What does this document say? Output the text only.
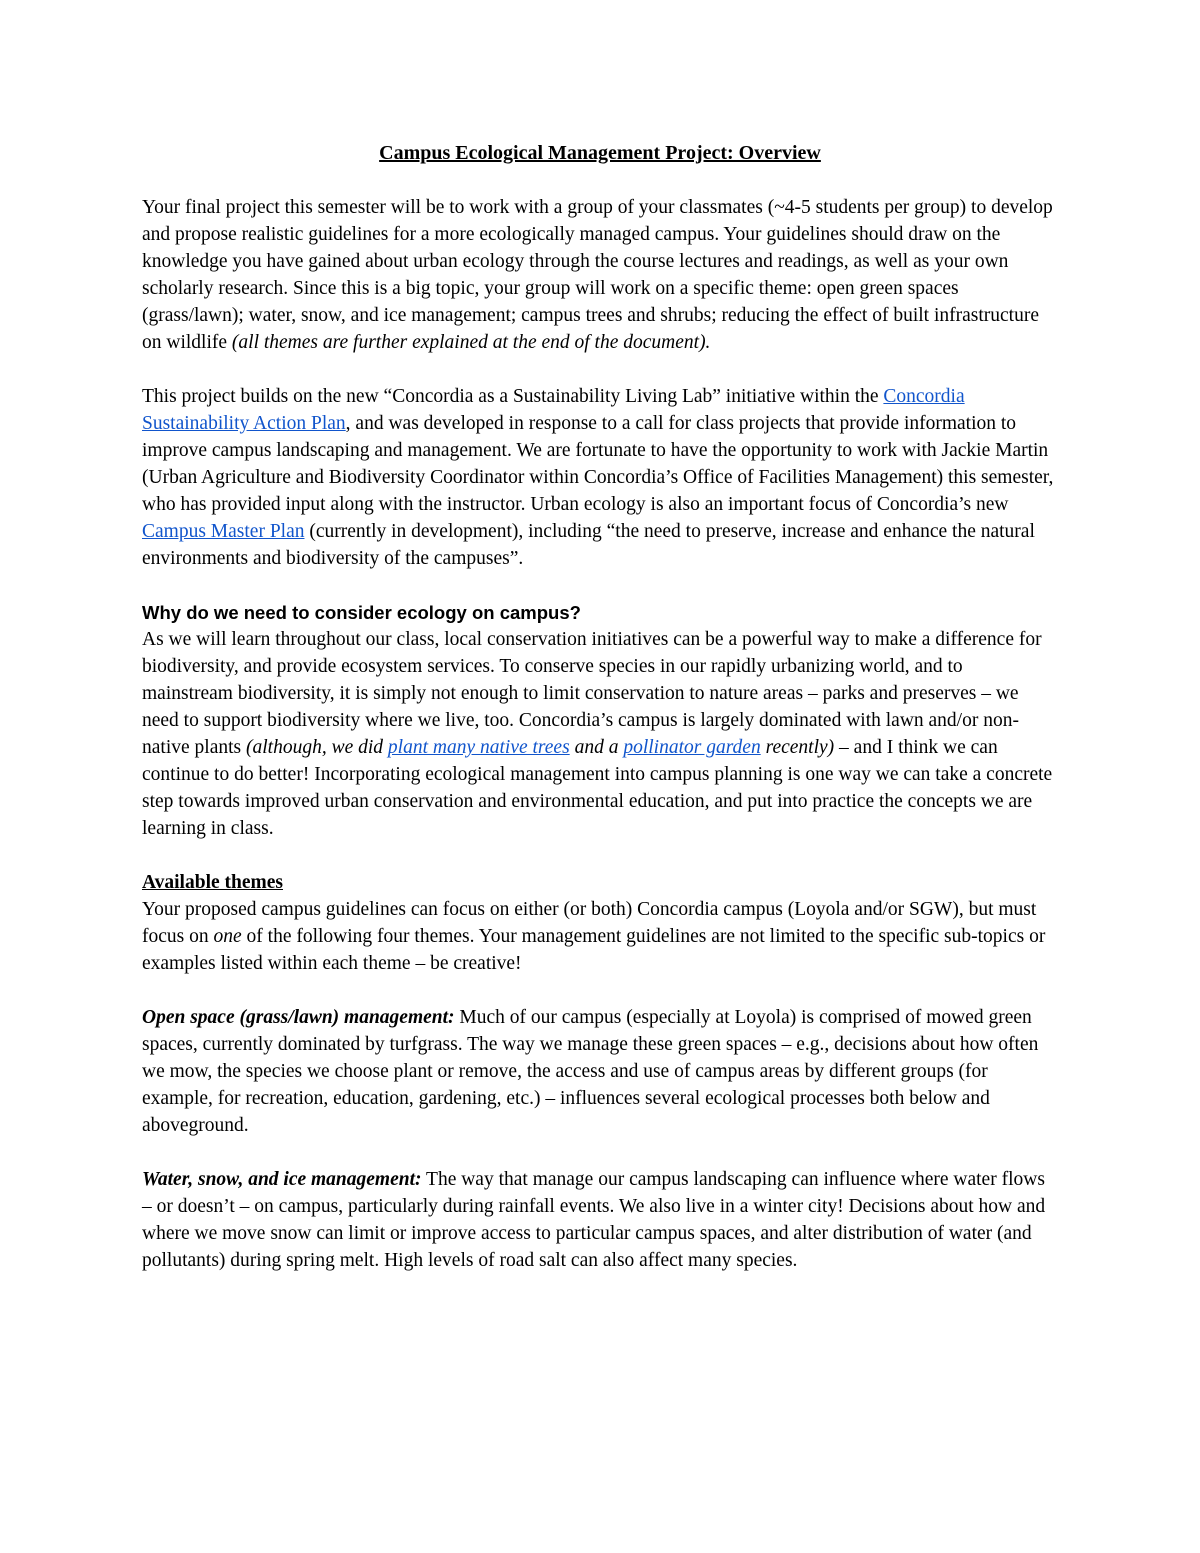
Campus Ecological Management Project: Overview

Your final project this semester will be to work with a group of your classmates (~4-5 students per group) to develop and propose realistic guidelines for a more ecologically managed campus. Your guidelines should draw on the knowledge you have gained about urban ecology through the course lectures and readings, as well as your own scholarly research. Since this is a big topic, your group will work on a specific theme: open green spaces (grass/lawn); water, snow, and ice management; campus trees and shrubs; reducing the effect of built infrastructure on wildlife (all themes are further explained at the end of the document).

This project builds on the new “Concordia as a Sustainability Living Lab” initiative within the Concordia Sustainability Action Plan, and was developed in response to a call for class projects that provide information to improve campus landscaping and management. We are fortunate to have the opportunity to work with Jackie Martin (Urban Agriculture and Biodiversity Coordinator within Concordia’s Office of Facilities Management) this semester, who has provided input along with the instructor. Urban ecology is also an important focus of Concordia’s new Campus Master Plan (currently in development), including “the need to preserve, increase and enhance the natural environments and biodiversity of the campuses”.

Why do we need to consider ecology on campus?

As we will learn throughout our class, local conservation initiatives can be a powerful way to make a difference for biodiversity, and provide ecosystem services. To conserve species in our rapidly urbanizing world, and to mainstream biodiversity, it is simply not enough to limit conservation to nature areas – parks and preserves – we need to support biodiversity where we live, too. Concordia’s campus is largely dominated with lawn and/or non-native plants (although, we did plant many native trees and a pollinator garden recently) – and I think we can continue to do better! Incorporating ecological management into campus planning is one way we can take a concrete step towards improved urban conservation and environmental education, and put into practice the concepts we are learning in class.

Available themes

Your proposed campus guidelines can focus on either (or both) Concordia campus (Loyola and/or SGW), but must focus on one of the following four themes. Your management guidelines are not limited to the specific sub-topics or examples listed within each theme – be creative!

Open space (grass/lawn) management: Much of our campus (especially at Loyola) is comprised of mowed green spaces, currently dominated by turfgrass. The way we manage these green spaces – e.g., decisions about how often we mow, the species we choose plant or remove, the access and use of campus areas by different groups (for example, for recreation, education, gardening, etc.) – influences several ecological processes both below and aboveground.

Water, snow, and ice management: The way that manage our campus landscaping can influence where water flows – or doesn’t – on campus, particularly during rainfall events. We also live in a winter city! Decisions about how and where we move snow can limit or improve access to particular campus spaces, and alter distribution of water (and pollutants) during spring melt. High levels of road salt can also affect many species.
